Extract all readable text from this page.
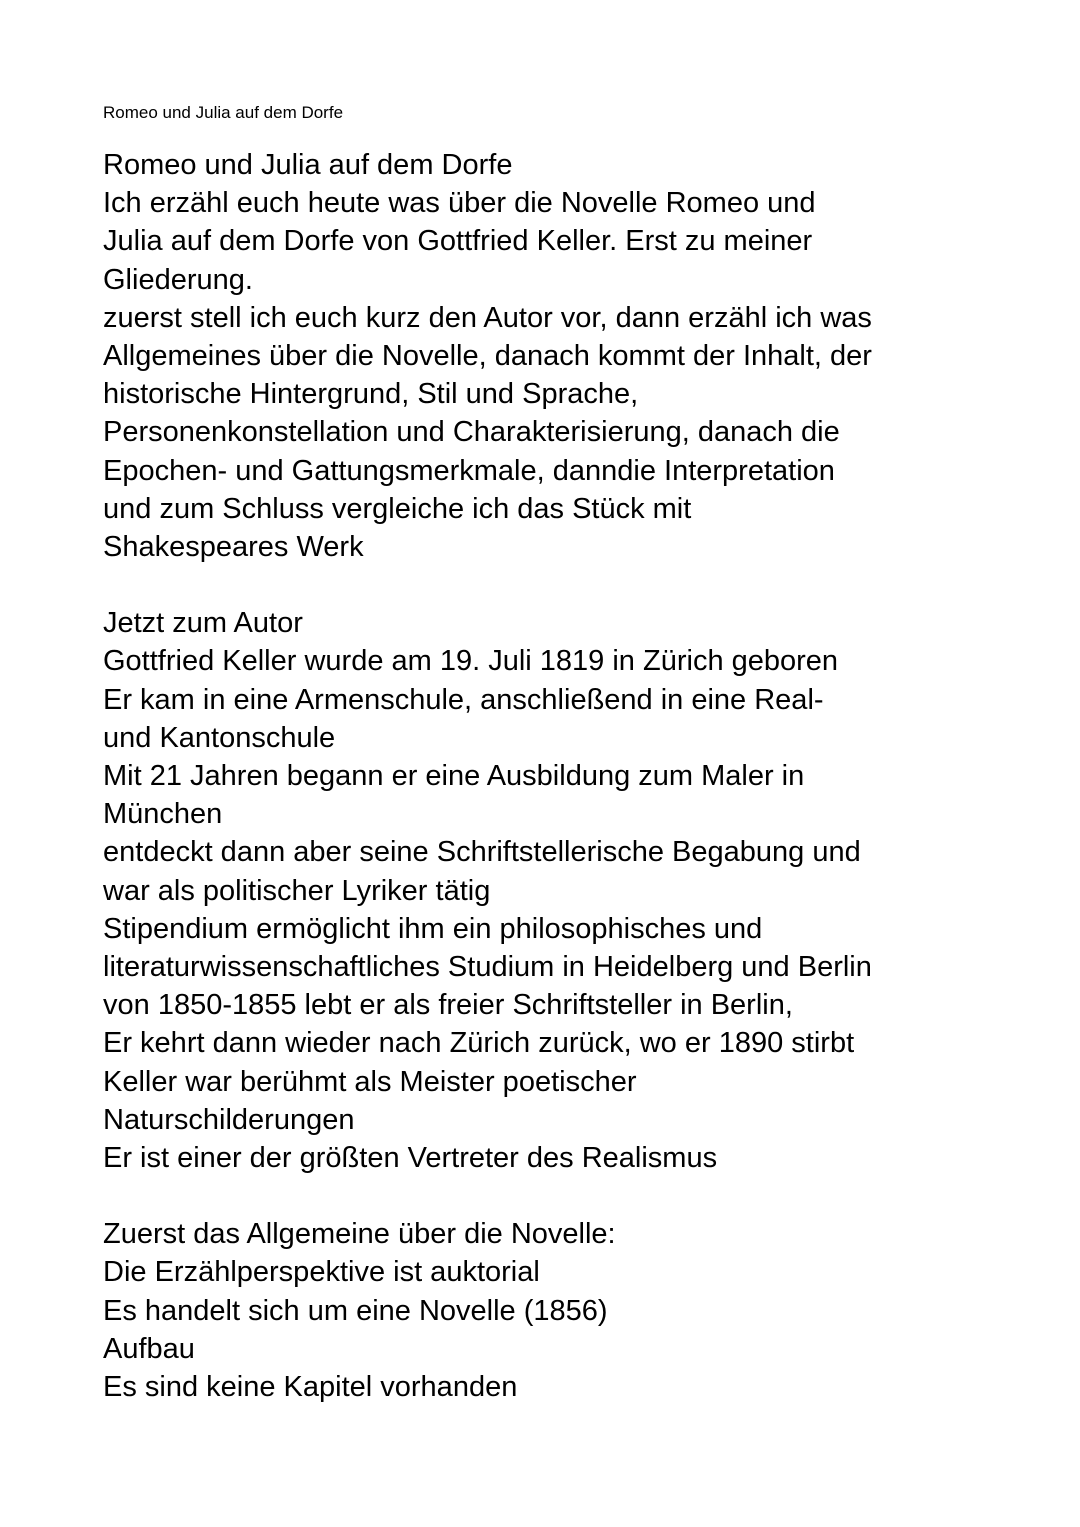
Romeo und Julia auf dem Dorfe
Romeo und Julia auf dem Dorfe
Ich erzähl euch heute was über die Novelle Romeo und
Julia auf dem Dorfe von Gottfried Keller. Erst zu meiner
Gliederung.
zuerst stell ich euch kurz den Autor vor, dann erzähl ich was
Allgemeines über die Novelle, danach kommt der Inhalt, der
historische Hintergrund, Stil und Sprache,
Personenkonstellation und Charakterisierung, danach die
Epochen- und Gattungsmerkmale, danndie Interpretation
und zum Schluss vergleiche ich das Stück mit
Shakespeares Werk
Jetzt zum Autor
Gottfried Keller wurde am 19. Juli 1819 in Zürich geboren
Er kam in eine Armenschule, anschließend in eine Real-
und Kantonschule
Mit 21 Jahren begann er eine Ausbildung zum Maler in
München
entdeckt dann aber seine Schriftstellerische Begabung und
war als politischer Lyriker tätig
Stipendium ermöglicht ihm ein philosophisches und
literaturwissenschaftliches Studium in Heidelberg und Berlin
von 1850-1855 lebt er als freier Schriftsteller in Berlin,
Er kehrt dann wieder nach Zürich zurück, wo er 1890 stirbt
Keller war berühmt als Meister poetischer
Naturschilderungen
Er ist einer der größten Vertreter des Realismus
Zuerst das Allgemeine über die Novelle:
Die Erzählperspektive ist auktorial
Es handelt sich um eine Novelle (1856)
Aufbau
Es sind keine Kapitel vorhanden
